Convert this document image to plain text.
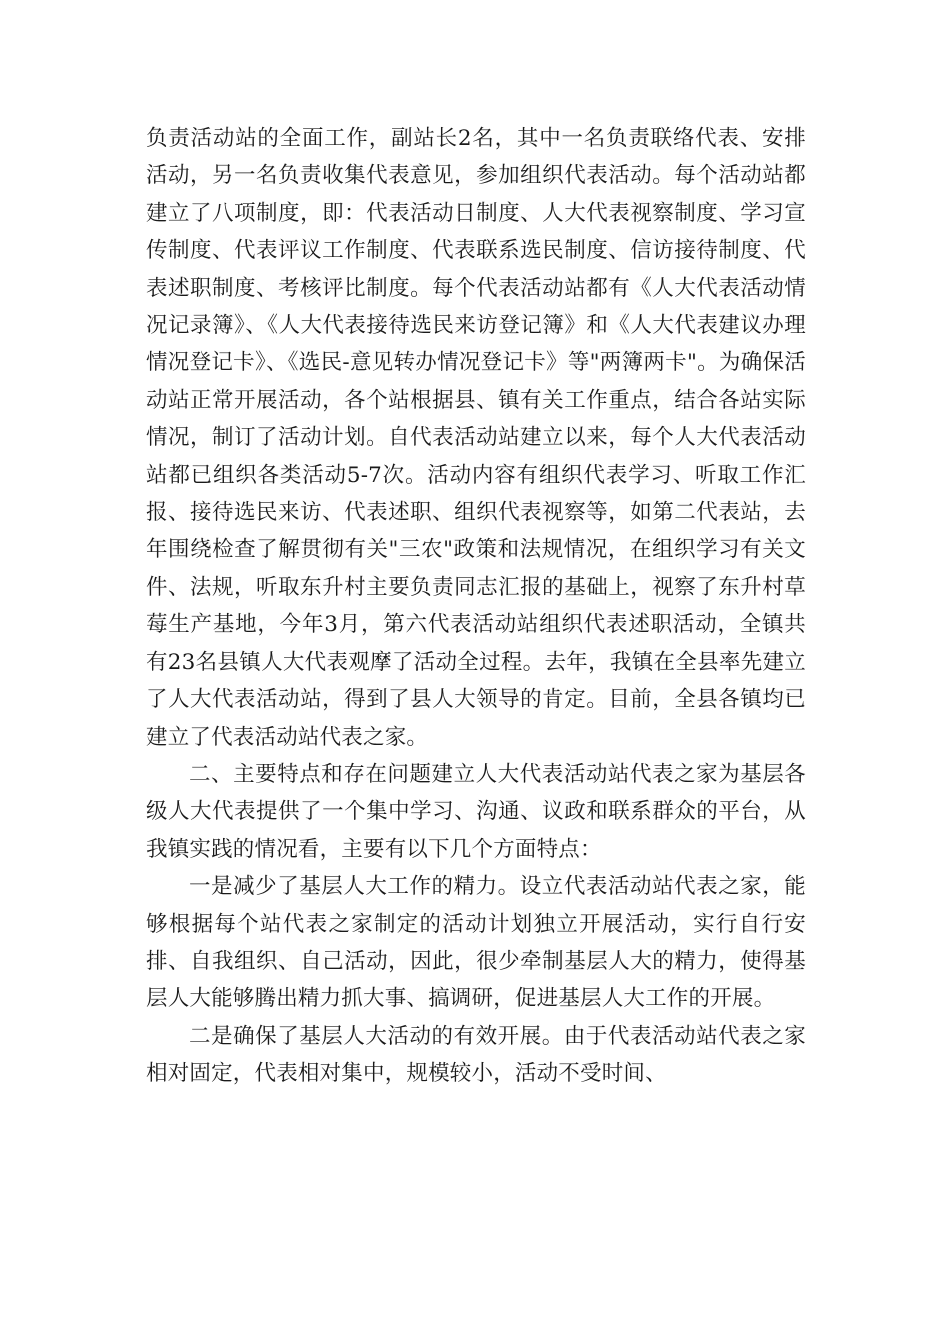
负责活动站的全面工作，副站长2名，其中一名负责联络代表、安排活动，另一名负责收集代表意见，参加组织代表活动。每个活动站都建立了八项制度，即：代表活动日制度、人大代表视察制度、学习宣传制度、代表评议工作制度、代表联系选民制度、信访接待制度、代表述职制度、考核评比制度。每个代表活动站都有《人大代表活动情况记录簿》、《人大代表接待选民来访登记簿》和《人大代表建议办理情况登记卡》、《选民-意见转办情况登记卡》等"两簿两卡"。为确保活动站正常开展活动，各个站根据县、镇有关工作重点，结合各站实际情况，制订了活动计划。自代表活动站建立以来，每个人大代表活动站都已组织各类活动5-7次。活动内容有组织代表学习、听取工作汇报、接待选民来访、代表述职、组织代表视察等，如第二代表站，去年围绕检查了解贯彻有关"三农"政策和法规情况，在组织学习有关文件、法规，听取东升村主要负责同志汇报的基础上，视察了东升村草莓生产基地，今年3月，第六代表活动站组织代表述职活动，全镇共有23名县镇人大代表观摩了活动全过程。去年，我镇在全县率先建立了人大代表活动站，得到了县人大领导的肯定。目前，全县各镇均已建立了代表活动站代表之家。

二、主要特点和存在问题建立人大代表活动站代表之家为基层各级人大代表提供了一个集中学习、沟通、议政和联系群众的平台，从我镇实践的情况看，主要有以下几个方面特点：

一是减少了基层人大工作的精力。设立代表活动站代表之家，能够根据每个站代表之家制定的活动计划独立开展活动，实行自行安排、自我组织、自己活动，因此，很少牵制基层人大的精力，使得基层人大能够腾出精力抓大事、搞调研，促进基层人大工作的开展。

二是确保了基层人大活动的有效开展。由于代表活动站代表之家相对固定，代表相对集中，规模较小，活动不受时间、
